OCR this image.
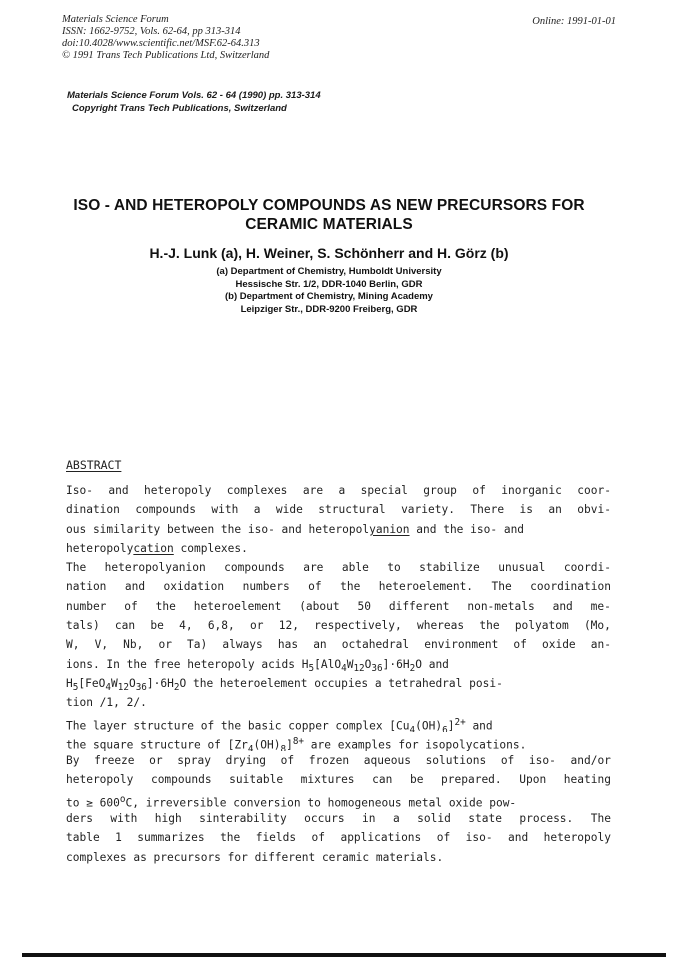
Materials Science Forum
ISSN: 1662-9752, Vols. 62-64, pp 313-314
doi:10.4028/www.scientific.net/MSF.62-64.313
© 1991 Trans Tech Publications Ltd, Switzerland
Online: 1991-01-01
Materials Science Forum Vols. 62 - 64 (1990) pp. 313-314
Copyright Trans Tech Publications, Switzerland
ISO - AND HETEROPOLY COMPOUNDS AS NEW PRECURSORS FOR
CERAMIC MATERIALS
H.-J. Lunk (a), H. Weiner, S. Schönherr and H. Görz (b)
(a) Department of Chemistry, Humboldt University
Hessische Str. 1/2, DDR-1040 Berlin, GDR
(b) Department of Chemistry, Mining Academy
Leipziger Str., DDR-9200 Freiberg, GDR
ABSTRACT
Iso- and heteropoly complexes are a special group of inorganic coor-
dination compounds with a wide structural variety. There is an obvi-
ous similarity between the iso- and heteropolyanion and the iso- and
heteropolycation complexes.
The heteropolyanion compounds are able to stabilize unusual coordi-
nation and oxidation numbers of the heteroelement. The coordination
number of the heteroelement (about 50 different non-metals and me-
tals) can be 4, 6,8, or 12, respectively, whereas the polyatom (Mo,
W, V, Nb, or Ta) always has an octahedral environment of oxide an-
ions. In the free heteropoly acids $H_5[AlO_4W_{12}O_{36}]\cdot 6H_2O$ and
$H_5[FeO_4W_{12}O_{36}]\cdot 6H_2O$ the heteroelement occupies a tetrahedral posi-
tion /1, 2/.
The layer structure of the basic copper complex $[Cu_4(OH)_6]^{2+}$ and
the square structure of $[Zr_4(OH)_8]^{8+}$ are examples for isopolycations.
By freeze or spray drying of frozen aqueous solutions of iso- and/or
heteropoly compounds suitable mixtures can be prepared. Upon heating
to ≥ $600^oC$, irreversible conversion to homogeneous metal oxide pow-
ders with high sinterability occurs in a solid state process. The
table 1 summarizes the fields of applications of iso- and heteropoly
complexes as precursors for different ceramic materials.
